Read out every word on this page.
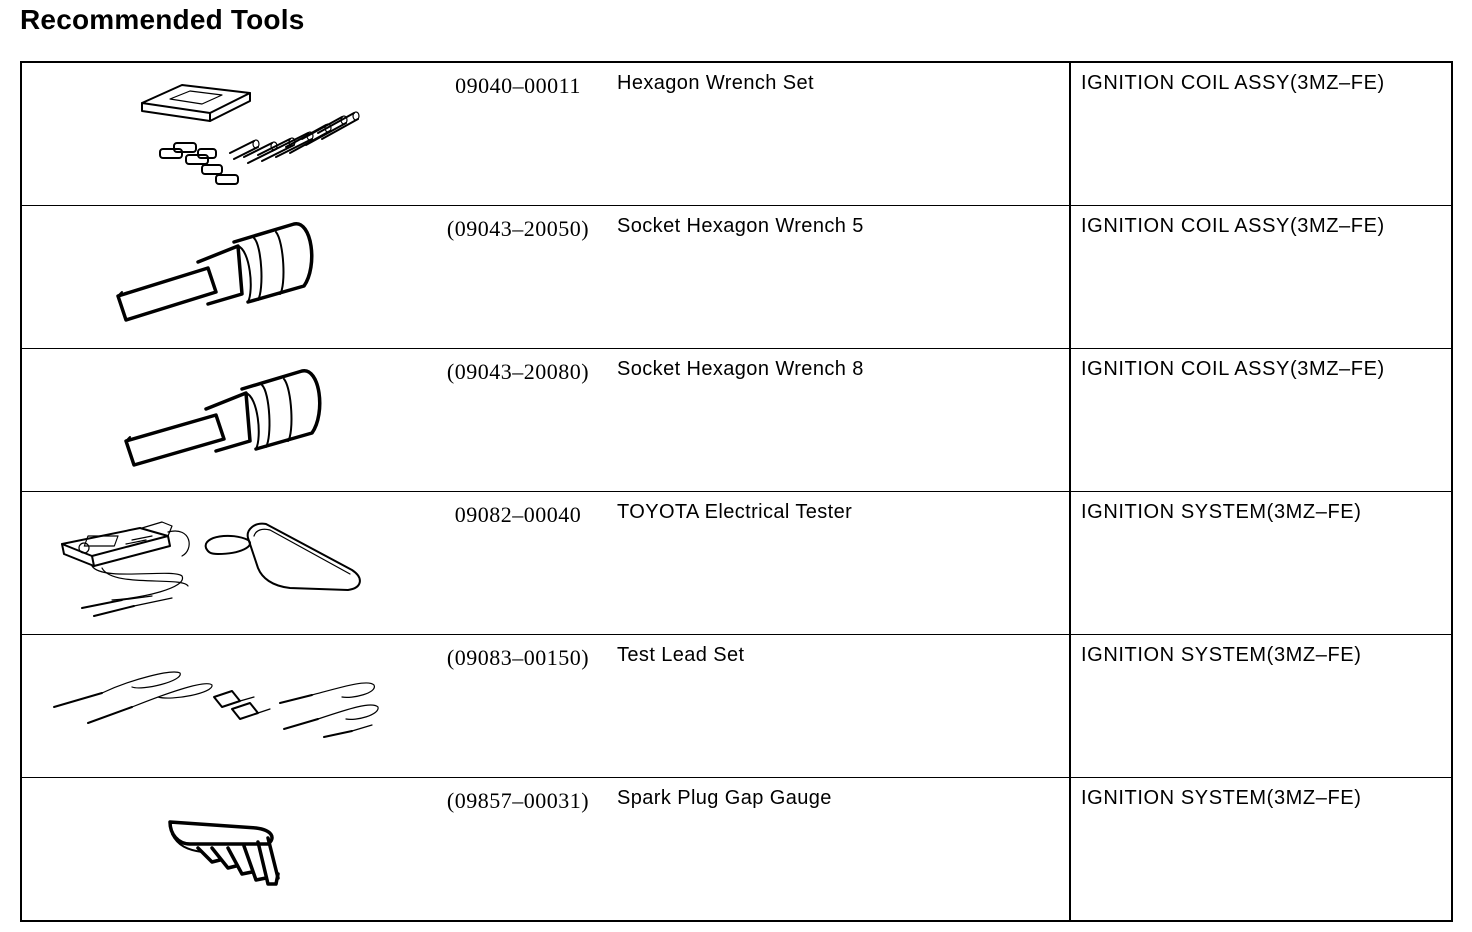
Recommended Tools
09040–00011	Hexagon Wrench Set	IGNITION COIL ASSY(3MZ–FE)

(09043–20050)	Socket Hexagon Wrench 5	IGNITION COIL ASSY(3MZ–FE)

(09043–20080)	Socket Hexagon Wrench 8	IGNITION COIL ASSY(3MZ–FE)

09082–00040	TOYOTA Electrical Tester	IGNITION SYSTEM(3MZ–FE)

(09083–00150)	Test Lead Set	IGNITION SYSTEM(3MZ–FE)

(09857–00031)	Spark Plug Gap Gauge	IGNITION SYSTEM(3MZ–FE)
